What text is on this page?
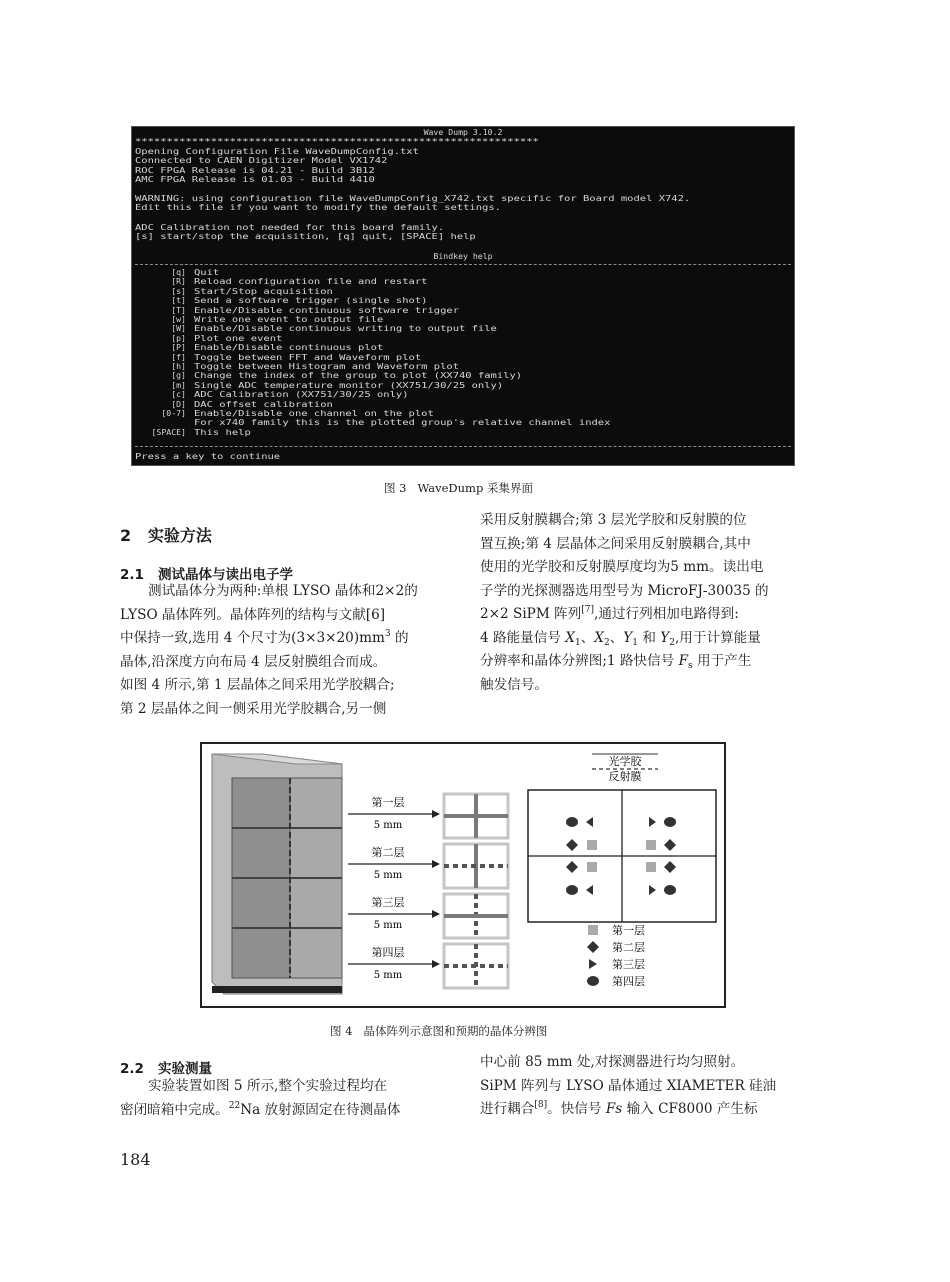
Wave Dump 3.10.2
****************************************************************
Opening Configuration File WaveDumpConfig.txt
Connected to CAEN Digitizer Model VX1742
ROC FPGA Release is 04.21 - Build 3B12
AMC FPGA Release is 01.03 - Build 4410
WARNING: using configuration file WaveDumpConfig_X742.txt specific for Board model X742.
Edit this file if you want to modify the default settings.
ADC Calibration not needed for this board family.
[s] start/stop the acquisition, [q] quit, [SPACE] help
Bindkey help
[q] Quit
[R] Reload configuration file and restart
[s] Start/Stop acquisition
[t] Send a software trigger (single shot)
[T] Enable/Disable continuous software trigger
[w] Write one event to output file
[W] Enable/Disable continuous writing to output file
[p] Plot one event
[P] Enable/Disable continuous plot
[f] Toggle between FFT and Waveform plot
[h] Toggle between Histogram and Waveform plot
[g] Change the index of the group to plot (XX740 family)
[m] Single ADC temperature monitor (XX751/30/25 only)
[c] ADC Calibration (XX751/30/25 only)
[D] DAC offset calibration
[0-7] Enable/Disable one channel on the plot
For x740 family this is the plotted group's relative channel index
[SPACE] This help
Press a key to continue
图 3   WaveDump 采集界面
2   实验方法
2.1   测试晶体与读出电子学
测试晶体分为两种:单根 LYSO 晶体和2×2的
LYSO 晶体阵列。晶体阵列的结构与文献[6]
中保持一致,选用 4 个尺寸为$(3\times 3\times 20)mm^3$ 的
晶体,沿深度方向布局 4 层反射膜组合而成。
如图 4 所示,第 1 层晶体之间采用光学胶耦合;
第 2 层晶体之间一侧采用光学胶耦合,另一侧
采用反射膜耦合;第 3 层光学胶和反射膜的位
置互换;第 4 层晶体之间采用反射膜耦合,其中
使用的光学胶和反射膜厚度均为5 mm。读出电
子学的光探测器选用型号为 MicroFJ-30035 的
2×2 SiPM 阵列[7],通过行列相加电路得到:
4 路能量信号 $X_1$、$X_2$、$Y_1$ 和 $Y_2$,用于计算能量
分辨率和晶体分辨图;1 路快信号 $F_s$ 用于产生
触发信号。
第一层
5 mm
第二层
5 mm
第三层
5 mm
第四层
5 mm
光学胶
反射膜
第一层
第二层
第三层
第四层
图 4   晶体阵列示意图和预期的晶体分辨图
2.2   实验测量
实验装置如图 5 所示,整个实验过程均在
密闭暗箱中完成。$^{22}$Na 放射源固定在待测晶体
中心前 85 mm 处,对探测器进行均匀照射。
SiPM 阵列与 LYSO 晶体通过 XIAMETER 硅油
进行耦合[8]。快信号 Fs 输入 CF8000 产生标
184
